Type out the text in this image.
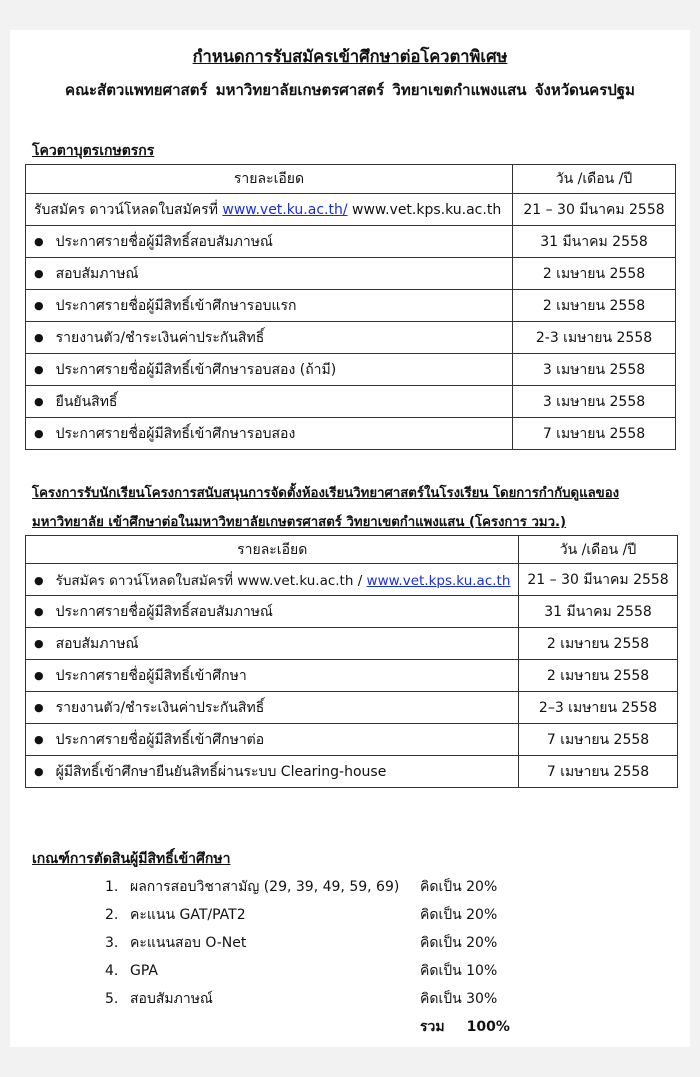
กำหนดการรับสมัครเข้าศึกษาต่อโควตาพิเศษ
คณะสัตวแพทยศาสตร์ มหาวิทยาลัยเกษตรศาสตร์ วิทยาเขตกำแพงแสน จังหวัดนครปฐม
โควตาบุตรเกษตรกร
รายละเอียด	วัน /เดือน /ปี
รับสมัคร ดาวน์โหลดใบสมัครที่ www.vet.ku.ac.th/ www.vet.kps.ku.ac.th	21 – 30 มีนาคม 2558
● ประกาศรายชื่อผู้มีสิทธิ์สอบสัมภาษณ์	31 มีนาคม 2558
● สอบสัมภาษณ์	2 เมษายน 2558
● ประกาศรายชื่อผู้มีสิทธิ์เข้าศึกษารอบแรก	2 เมษายน 2558
● รายงานตัว/ชำระเงินค่าประกันสิทธิ์	2-3 เมษายน 2558
● ประกาศรายชื่อผู้มีสิทธิ์เข้าศึกษารอบสอง (ถ้ามี)	3 เมษายน 2558
● ยืนยันสิทธิ์	3 เมษายน 2558
● ประกาศรายชื่อผู้มีสิทธิ์เข้าศึกษารอบสอง	7 เมษายน 2558
โครงการรับนักเรียนโครงการสนับสนุนการจัดตั้งห้องเรียนวิทยาศาสตร์ในโรงเรียน โดยการกำกับดูแลของ
มหาวิทยาลัย เข้าศึกษาต่อในมหาวิทยาลัยเกษตรศาสตร์ วิทยาเขตกำแพงแสน (โครงการ วมว.)
รายละเอียด	วัน /เดือน /ปี
● รับสมัคร ดาวน์โหลดใบสมัครที่ www.vet.ku.ac.th / www.vet.kps.ku.ac.th	21 – 30 มีนาคม 2558
● ประกาศรายชื่อผู้มีสิทธิ์สอบสัมภาษณ์	31 มีนาคม 2558
● สอบสัมภาษณ์	2 เมษายน 2558
● ประกาศรายชื่อผู้มีสิทธิ์เข้าศึกษา	2 เมษายน 2558
● รายงานตัว/ชำระเงินค่าประกันสิทธิ์	2–3 เมษายน 2558
● ประกาศรายชื่อผู้มีสิทธิ์เข้าศึกษาต่อ	7 เมษายน 2558
● ผู้มีสิทธิ์เข้าศึกษายืนยันสิทธิ์ผ่านระบบ Clearing-house	7 เมษายน 2558
เกณฑ์การตัดสินผู้มีสิทธิ์เข้าศึกษา
1.	ผลการสอบวิชาสามัญ (29, 39, 49, 59, 69)	คิดเป็น 20%
2.	คะแนน GAT/PAT2	คิดเป็น 20%
3.	คะแนนสอบ O-Net	คิดเป็น 20%
4.	GPA	คิดเป็น 10%
5.	สอบสัมภาษณ์	คิดเป็น 30%
		รวม 100%
